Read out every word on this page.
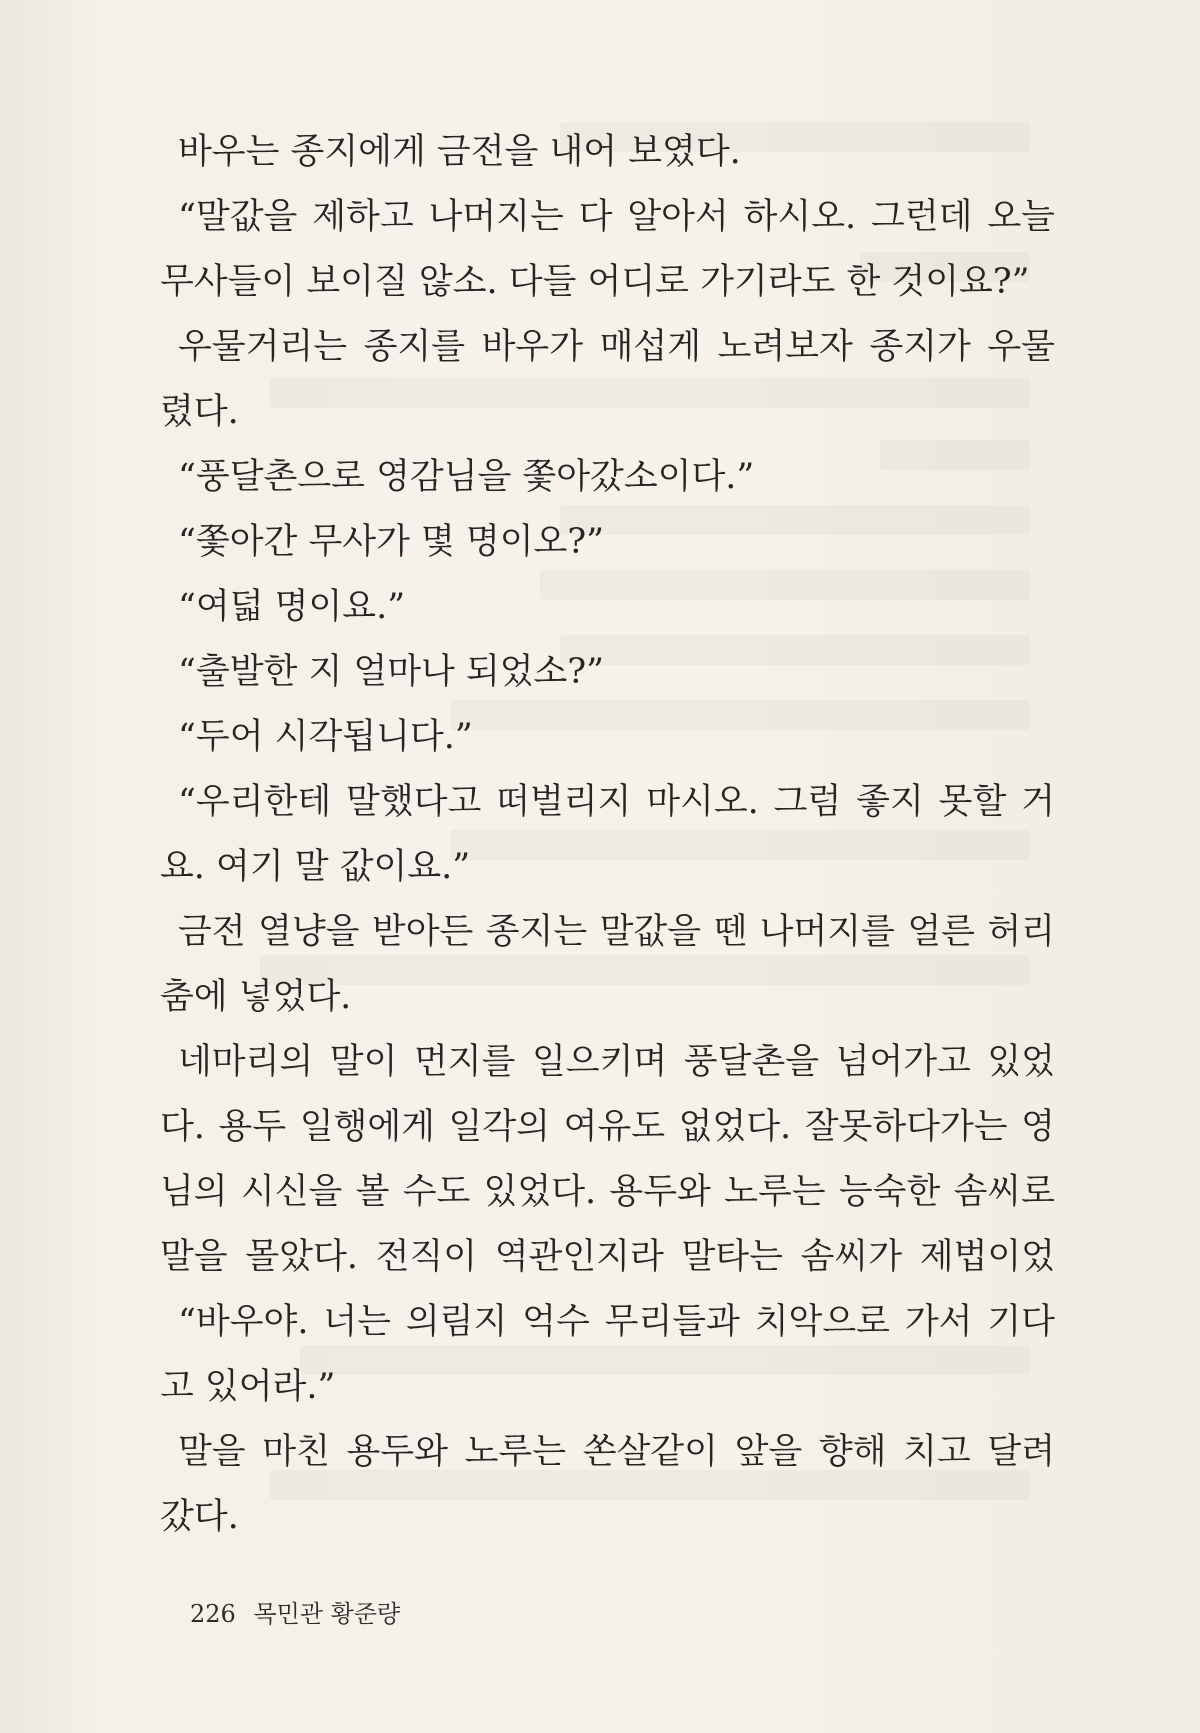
바우는 종지에게 금전을 내어 보였다.

“말값을 제하고 나머지는 다 알아서 하시오. 그런데 오늘

무사들이 보이질 않소. 다들 어디로 가기라도 한 것이요?”

우물거리는 종지를 바우가 매섭게 노려보자 종지가 우물

렸다.

“풍달촌으로 영감님을 쫓아갔소이다.”

“쫓아간 무사가 몇 명이오?”

“여덟 명이요.”

“출발한 지 얼마나 되었소?”

“두어 시각됩니다.”

“우리한테 말했다고 떠벌리지 마시오. 그럼 좋지 못할 거

요. 여기 말 값이요.”

금전 열냥을 받아든 종지는 말값을 뗀 나머지를 얼른 허리

춤에 넣었다.

네마리의 말이 먼지를 일으키며 풍달촌을 넘어가고 있었

다. 용두 일행에게 일각의 여유도 없었다. 잘못하다가는 영

님의 시신을 볼 수도 있었다. 용두와 노루는 능숙한 솜씨로

말을 몰았다. 전직이 역관인지라 말타는 솜씨가 제법이었

“바우야. 너는 의림지 억수 무리들과 치악으로 가서 기다

고 있어라.”

말을 마친 용두와 노루는 쏜살같이 앞을 향해 치고 달려

갔다.

226 목민관 황준량
